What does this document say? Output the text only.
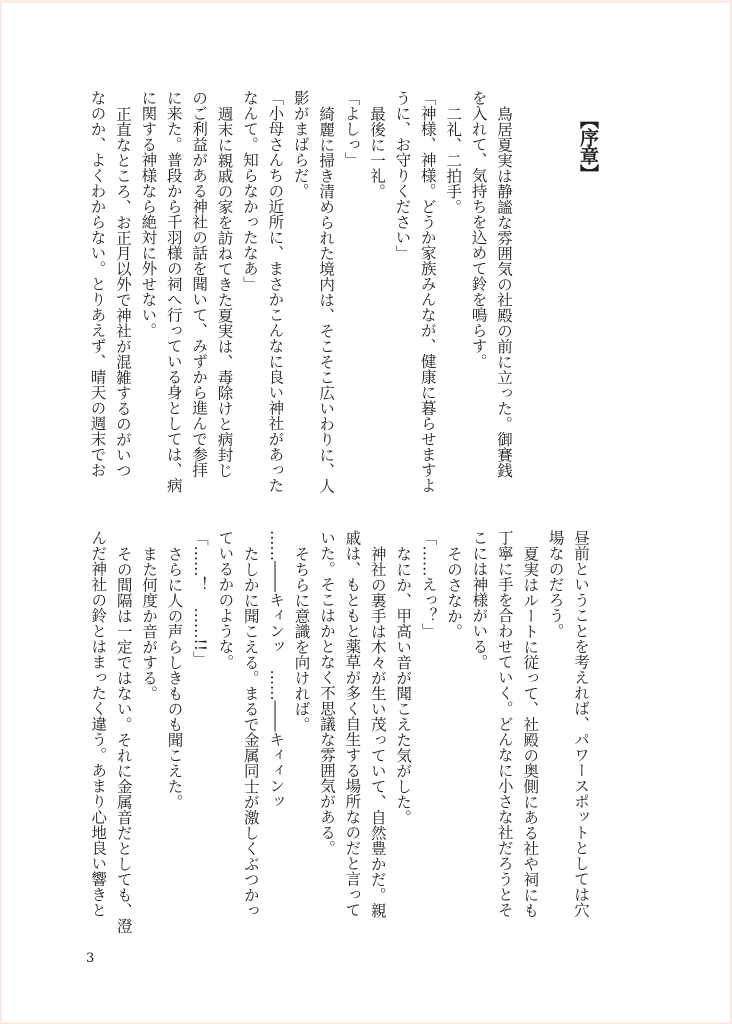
【序章】
鳥居夏実は静謐な雰囲気の社殿の前に立った。御賽銭
を入れて、気持ちを込めて鈴を鳴らす。
二礼、二拍手。
「神様、神様。どうか家族みんなが、健康に暮らせますよ
うに、お守りください」
最後に一礼。
「よしっ」
綺麗に掃き清められた境内は、そこそこ広いわりに、人
影がまばらだ。
「小母さんちの近所に、まさかこんなに良い神社があった
なんて。知らなかったなあ」
週末に親戚の家を訪ねてきた夏実は、毒除けと病封じ
のご利益がある神社の話を聞いて、みずから進んで参拝
に来た。普段から千羽様の祠へ行っている身としては、病
に関する神様なら絶対に外せない。
正直なところ、お正月以外で神社が混雑するのがいつ
なのか、よくわからない。とりあえず、晴天の週末でお
昼前ということを考えれば、パワースポットとしては穴
場なのだろう。
夏実はルートに従って、社殿の奥側にある社や祠にも
丁寧に手を合わせていく。どんなに小さな社だろうとそ
こには神様がいる。
そのさなか。
「……えっ？」
なにか、甲高い音が聞こえた気がした。
神社の裏手は木々が生い茂っていて、自然豊かだ。親
戚は、もともと薬草が多く自生する場所なのだと言って
いた。そこはかとなく不思議な雰囲気がある。
そちらに意識を向ければ。
……――キィンッ　……――キィィンッ
たしかに聞こえる。まるで金属同士が激しくぶつかっ
ているかのような。
「……！　……!!」
さらに人の声らしきものも聞こえた。
また何度か音がする。
その間隔は一定ではない。それに金属音だとしても、澄
んだ神社の鈴とはまったく違う。あまり心地良い響きと
3
